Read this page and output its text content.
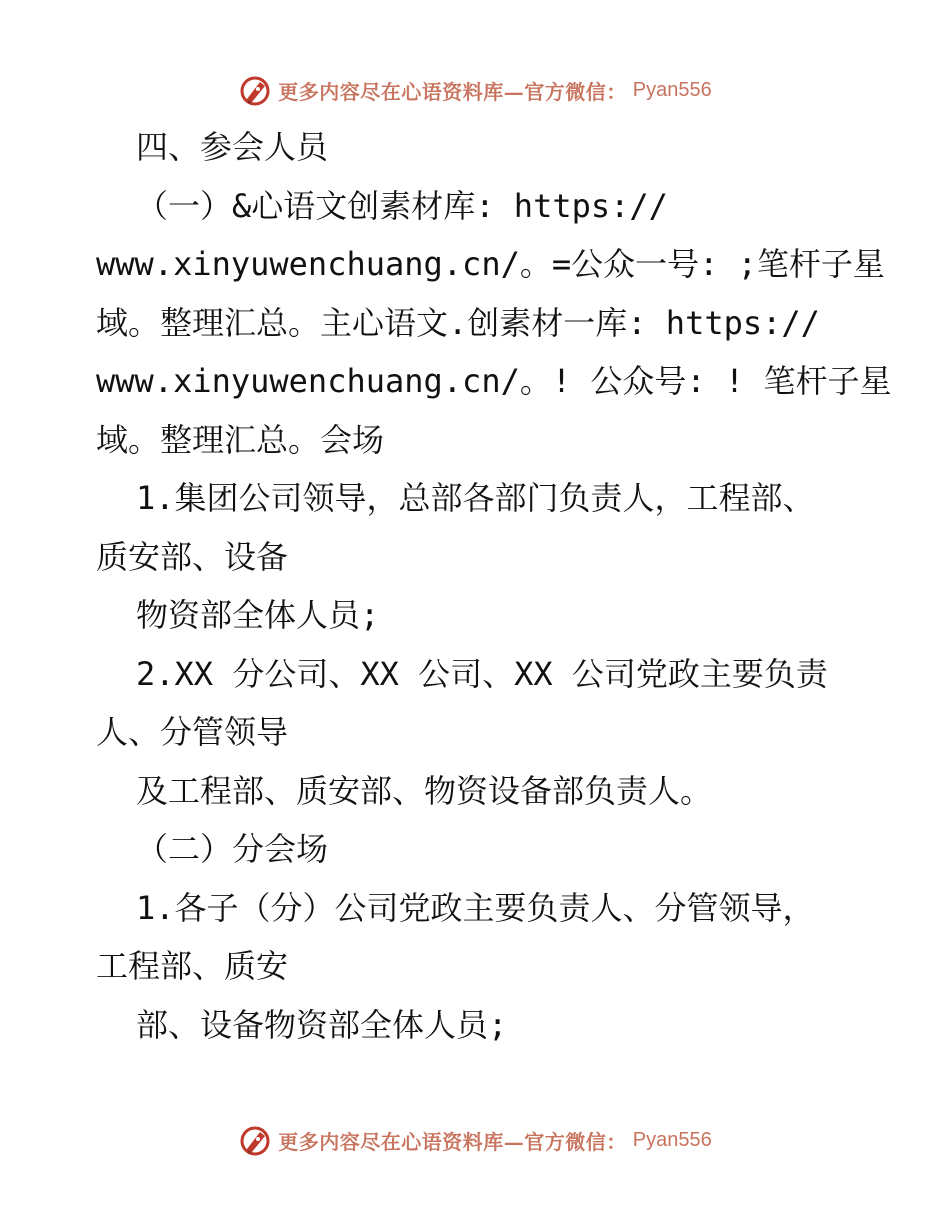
更多内容尽在心语资料库—官方微信： Pyan556
四、参会人员
（一）&心语文创素材库: https://
www.xinyuwenchuang.cn/。=公众一号: ;笔杆子星
域。整理汇总。主心语文.创素材一库: https://
www.xinyuwenchuang.cn/。! 公众号: ! 笔杆子星
域。整理汇总。会场
1.集团公司领导，总部各部门负责人，工程部、
质安部、设备
物资部全体人员;
2.XX 分公司、XX 公司、XX 公司党政主要负责
人、分管领导
及工程部、质安部、物资设备部负责人。
（二）分会场
1.各子（分）公司党政主要负责人、分管领导，
工程部、质安
部、设备物资部全体人员;
更多内容尽在心语资料库—官方微信： Pyan556
